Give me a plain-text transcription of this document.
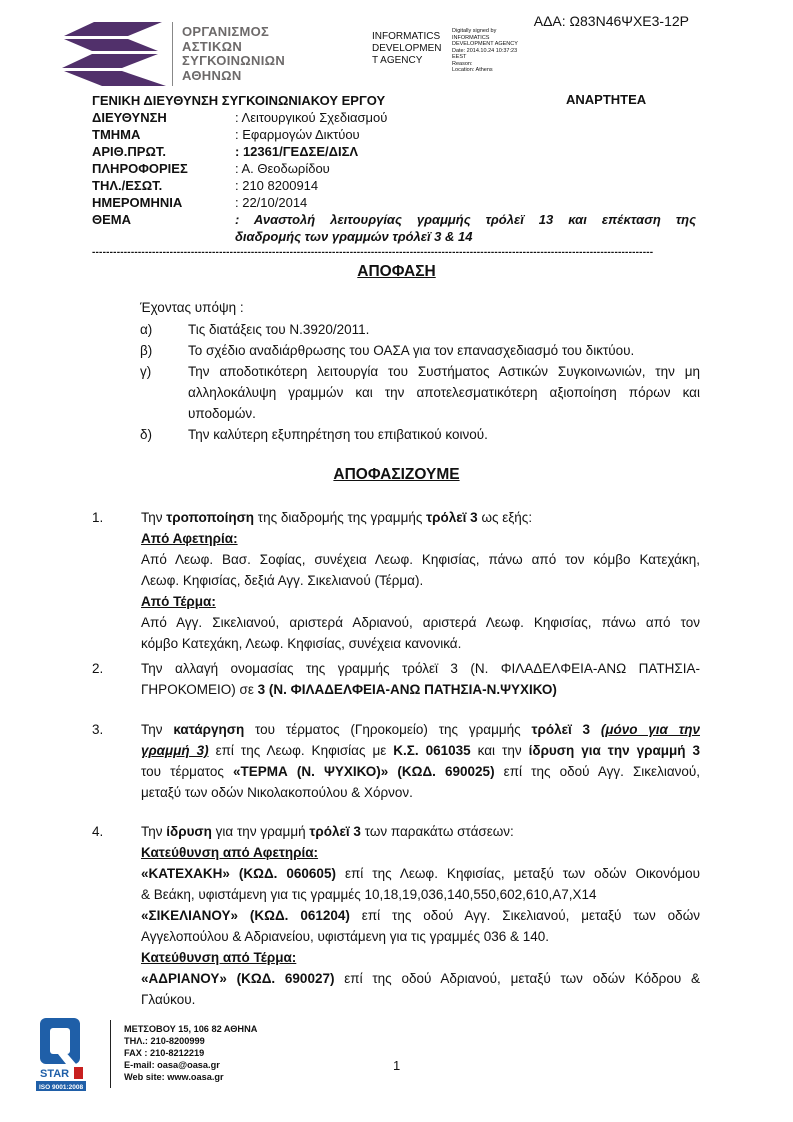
ΑΔΑ: Ω83Ν46ΨΧΕ3-12Ρ
ΟΡΓΑΝΙΣΜΟΣ
ΑΣΤΙΚΩΝ
ΣΥΓΚΟΙΝΩΝΙΩΝ
ΑΘΗΝΩΝ
INFORMATICS
DEVELOPMEN
T AGENCY
Digitally signed by
INFORMATICS
DEVELOPMENT AGENCY
Date: 2014.10.24 10:37:23
EEST
Reason:
Location: Athens
ΑΝΑΡΤΗΤΕΑ
ΓΕΝΙΚΗ ΔΙΕΥΘΥΝΣΗ ΣΥΓΚΟΙΝΩΝΙΑΚΟΥ ΕΡΓΟΥ
ΔΙΕΥΘΥΝΣΗ	: Λειτουργικού Σχεδιασμού
ΤΜΗΜΑ	: Εφαρμογών Δικτύου
ΑΡΙΘ.ΠΡΩΤ.	: 12361/ΓΕΔΣΕ/ΔΙΣΛ
ΠΛΗΡΟΦΟΡΙΕΣ	: Α. Θεοδωρίδου
ΤΗΛ./ΕΣΩΤ.	: 210 8200914
ΗΜΕΡΟΜΗΝΙΑ	: 22/10/2014
ΘΕΜΑ	: Αναστολή λειτουργίας γραμμής τρόλεϊ 13 και επέκταση της
διαδρομής των γραμμών τρόλεϊ 3 & 14
---------------------------------------------------------------------------------------------------------------------------------------------------------------
ΑΠΟΦΑΣΗ
Έχοντας υπόψη :
α)	Τις διατάξεις του Ν.3920/2011.
β)	Το σχέδιο αναδιάρθρωσης του ΟΑΣΑ για τον επανασχεδιασμό του δικτύου.
γ)	Την αποδοτικότερη λειτουργία του Συστήματος Αστικών Συγκοινωνιών, την μη
αλληλοκάλυψη γραμμών και την αποτελεσματικότερη αξιοποίηση πόρων και
υποδομών.
δ)	Την καλύτερη εξυπηρέτηση του επιβατικού κοινού.
ΑΠΟΦΑΣΙΖΟΥΜΕ
1.	Την τροποποίηση της διαδρομής της γραμμής τρόλεϊ 3 ως εξής:
Από Αφετηρία:
Από Λεωφ. Βασ. Σοφίας, συνέχεια Λεωφ. Κηφισίας, πάνω από τον κόμβο Κατεχάκη,
Λεωφ. Κηφισίας, δεξιά Αγγ. Σικελιανού (Τέρμα).
Από Τέρμα:
Από Αγγ. Σικελιανού, αριστερά Αδριανού, αριστερά Λεωφ. Κηφισίας, πάνω από τον
κόμβο Κατεχάκη, Λεωφ. Κηφισίας, συνέχεια κανονικά.
2.	Την αλλαγή ονομασίας της γραμμής τρόλεϊ 3 (Ν. ΦΙΛΑΔΕΛΦΕΙΑ-ΑΝΩ ΠΑΤΗΣΙΑ-
ΓΗΡΟΚΟΜΕΙΟ) σε 3 (Ν. ΦΙΛΑΔΕΛΦΕΙΑ-ΑΝΩ ΠΑΤΗΣΙΑ-Ν.ΨΥΧΙΚΟ)
3.	Την κατάργηση του τέρματος (Γηροκομείο) της γραμμής τρόλεϊ 3 (μόνο για την
γραμμή 3) επί της Λεωφ. Κηφισίας με Κ.Σ. 061035 και την ίδρυση για την γραμμή 3
του τέρματος «ΤΕΡΜΑ (Ν. ΨΥΧΙΚΟ)» (ΚΩΔ. 690025) επί της οδού Αγγ. Σικελιανού,
μεταξύ των οδών Νικολακοπούλου & Χόρνον.
4.	Την ίδρυση για την γραμμή τρόλεϊ 3 των παρακάτω στάσεων:
Κατεύθυνση από Αφετηρία:
«ΚΑΤΕΧΑΚΗ» (ΚΩΔ. 060605) επί της Λεωφ. Κηφισίας, μεταξύ των οδών Οικονόμου
& Βεάκη, υφιστάμενη για τις γραμμές 10,18,19,036,140,550,602,610,Α7,Χ14
«ΣΙΚΕΛΙΑΝΟΥ» (ΚΩΔ. 061204) επί της οδού Αγγ. Σικελιανού, μεταξύ των οδών
Αγγελοπούλου & Αδριανείου, υφιστάμενη για τις γραμμές 036 & 140.
Κατεύθυνση από Τέρμα:
«ΑΔΡΙΑΝΟΥ» (ΚΩΔ. 690027) επί της οδού Αδριανού, μεταξύ των οδών Κόδρου &
Γλαύκου.
STAR
ISO 9001:2008
ΜΕΤΣΟΒΟΥ 15, 106 82 ΑΘΗΝΑ
ΤΗΛ.: 210-8200999
FAX : 210-8212219
E-mail: oasa@oasa.gr
Web site: www.oasa.gr
1
